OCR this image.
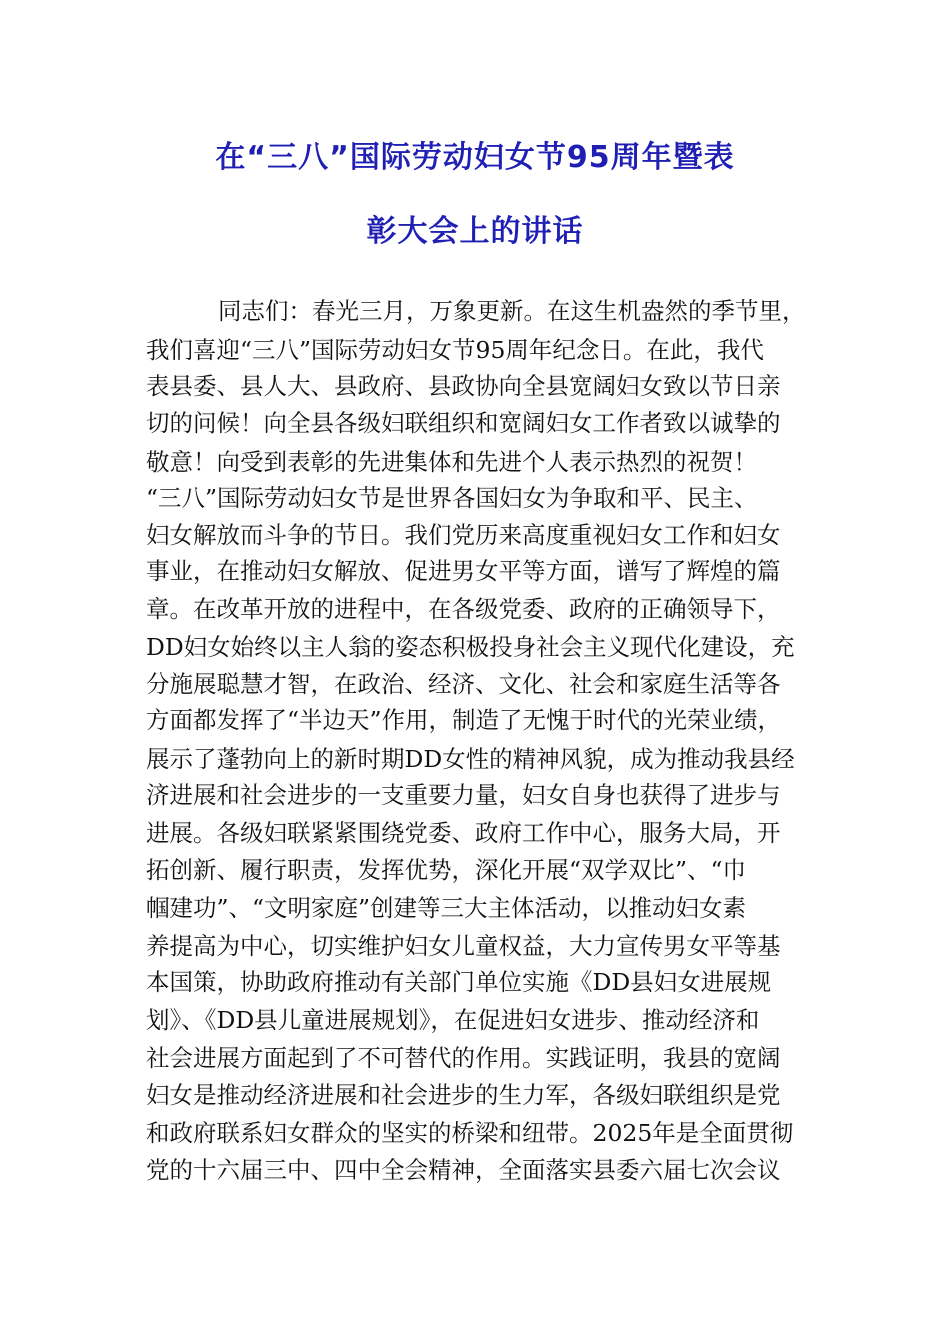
在“三八”国际劳动妇女节95周年暨表
彰大会上的讲话
同志们：春光三月，万象更新。在这生机盎然的季节里，
我们喜迎“三八”国际劳动妇女节95周年纪念日。在此，我代
表县委、县人大、县政府、县政协向全县宽阔妇女致以节日亲
切的问候！向全县各级妇联组织和宽阔妇女工作者致以诚挚的
敬意！向受到表彰的先进集体和先进个人表示热烈的祝贺！
“三八”国际劳动妇女节是世界各国妇女为争取和平、民主、
妇女解放而斗争的节日。我们党历来高度重视妇女工作和妇女
事业，在推动妇女解放、促进男女平等方面，谱写了辉煌的篇
章。在改革开放的进程中，在各级党委、政府的正确领导下，
DD妇女始终以主人翁的姿态积极投身社会主义现代化建设，充
分施展聪慧才智，在政治、经济、文化、社会和家庭生活等各
方面都发挥了“半边天”作用，制造了无愧于时代的光荣业绩，
展示了蓬勃向上的新时期DD女性的精神风貌，成为推动我县经
济进展和社会进步的一支重要力量，妇女自身也获得了进步与
进展。各级妇联紧紧围绕党委、政府工作中心，服务大局，开
拓创新、履行职责，发挥优势，深化开展“双学双比”、“巾
帼建功”、“文明家庭”创建等三大主体活动，以推动妇女素
养提高为中心，切实维护妇女儿童权益，大力宣传男女平等基
本国策，协助政府推动有关部门单位实施《DD县妇女进展规
划》、《DD县儿童进展规划》，在促进妇女进步、推动经济和
社会进展方面起到了不可替代的作用。实践证明，我县的宽阔
妇女是推动经济进展和社会进步的生力军，各级妇联组织是党
和政府联系妇女群众的坚实的桥梁和纽带。2025年是全面贯彻
党的十六届三中、四中全会精神，全面落实县委六届七次会议
